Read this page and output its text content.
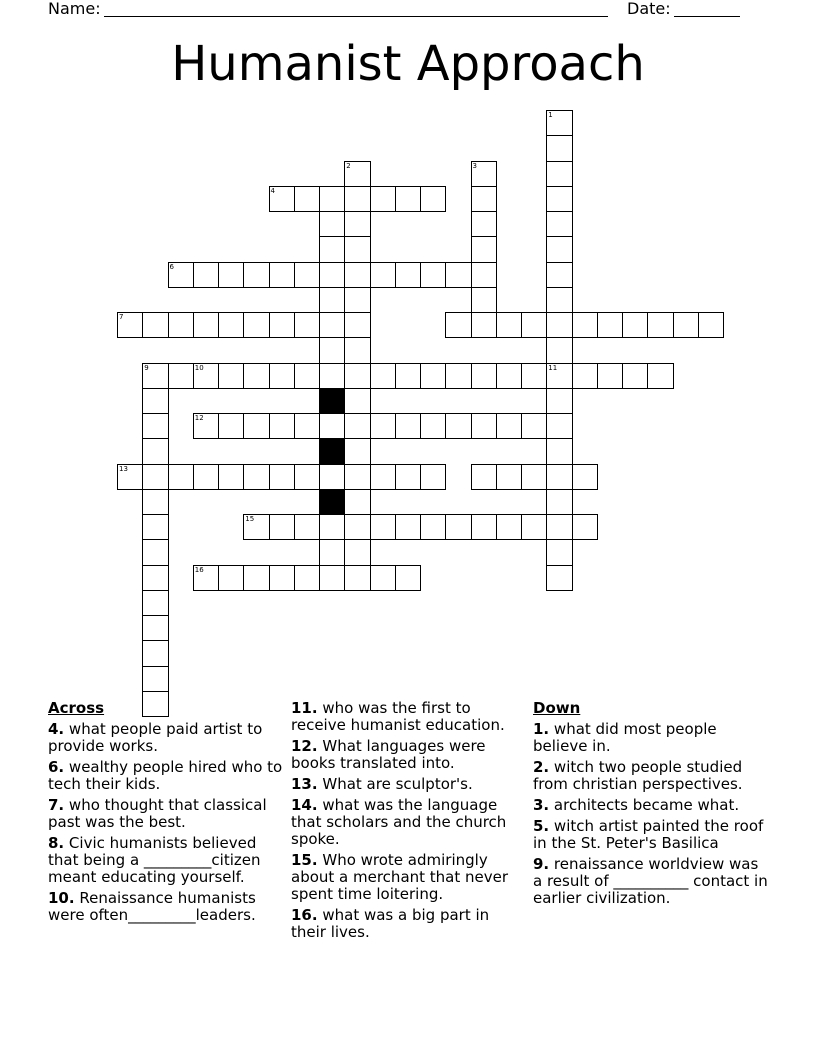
Name:	Date:
Humanist Approach
1
11
2	3
4
6
7
9	10
12
13
15
16
Across
4. what people paid artist to provide works.
6. wealthy people hired who to tech their kids.
7. who thought that classical past was the best.
8. Civic humanists believed that being a _________citizen meant educating yourself.
10. Renaissance humanists were often_________leaders.
11. who was the first to receive humanist education.
12. What languages were books translated into.
13. What are sculptor's.
14. what was the language that scholars and the church spoke.
15. Who wrote admiringly about a merchant that never spent time loitering.
16. what was a big part in their lives.
Down
1. what did most people believe in.
2. witch two people studied from christian perspectives.
3. architects became what.
5. witch artist painted the roof in the St. Peter's Basilica
9. renaissance worldview was a result of __________ contact in earlier civilization.
